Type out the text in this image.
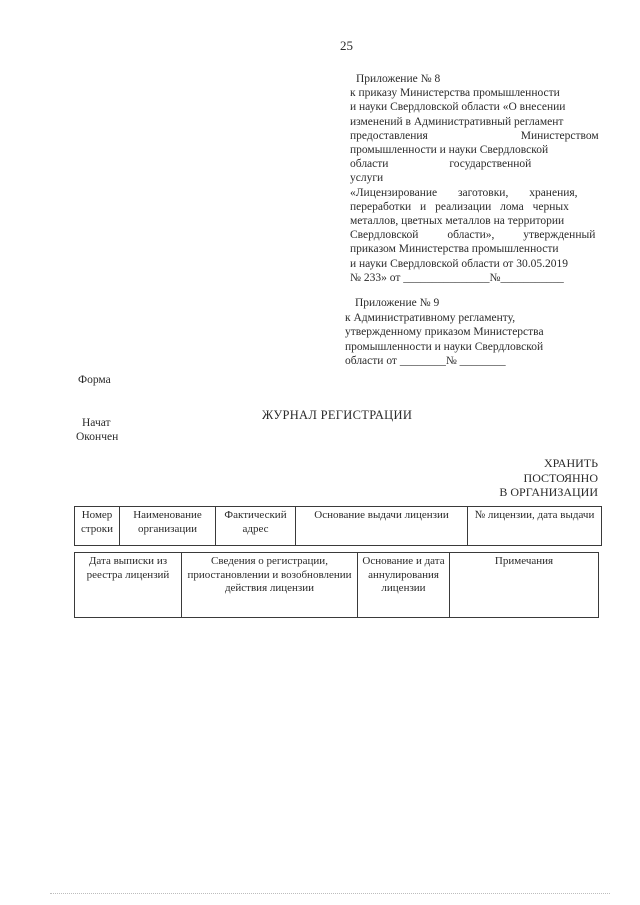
25
Приложение № 8
к приказу Министерства промышленности
и науки Свердловской области «О внесении
изменений в Административный регламент
предоставления Министерством
промышленности и науки Свердловской
области государственной услуги
«Лицензирование заготовки, хранения,
переработки и реализации лома черных
металлов, цветных металлов на территории
Свердловской области», утвержденный
приказом Министерства промышленности
и науки Свердловской области от 30.05.2019
№ 233» от _______________№___________
Приложение № 9
к Административному регламенту,
утвержденному приказом Министерства
промышленности и науки Свердловской
области от ________№ ________
Форма
ЖУРНАЛ РЕГИСТРАЦИИ
Начат
Окончен
ХРАНИТЬ
ПОСТОЯННО
В ОРГАНИЗАЦИИ
Номер строки	Наименование организации	Фактический адрес	Основание выдачи лицензии	№ лицензии, дата выдачи
Дата выписки из реестра лицензий	Сведения о регистрации, приостановлении и возобновлении действия лицензии	Основание и дата аннулирования лицензии	Примечания
